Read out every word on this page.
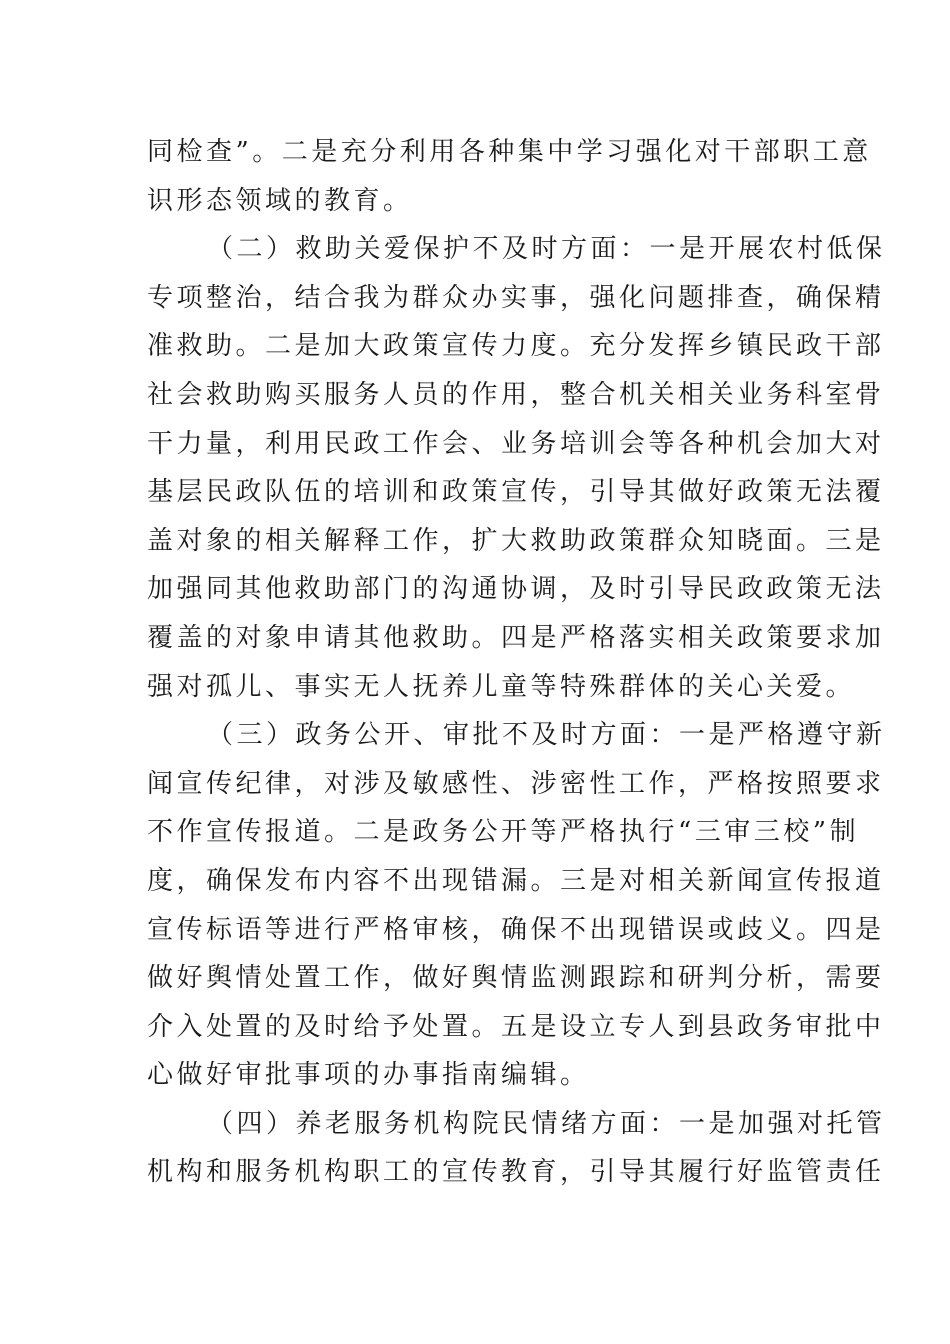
同检查”。二是充分利用各种集中学习强化对干部职工意
识形态领域的教育。
（二）救助关爱保护不及时方面：一是开展农村低保
专项整治，结合我为群众办实事，强化问题排查，确保精
准救助。二是加大政策宣传力度。充分发挥乡镇民政干部
社会救助购买服务人员的作用，整合机关相关业务科室骨
干力量，利用民政工作会、业务培训会等各种机会加大对
基层民政队伍的培训和政策宣传，引导其做好政策无法覆
盖对象的相关解释工作，扩大救助政策群众知晓面。三是
加强同其他救助部门的沟通协调，及时引导民政政策无法
覆盖的对象申请其他救助。四是严格落实相关政策要求加
强对孤儿、事实无人抚养儿童等特殊群体的关心关爱。
（三）政务公开、审批不及时方面：一是严格遵守新
闻宣传纪律，对涉及敏感性、涉密性工作，严格按照要求
不作宣传报道。二是政务公开等严格执行“三审三校”制
度，确保发布内容不出现错漏。三是对相关新闻宣传报道
宣传标语等进行严格审核，确保不出现错误或歧义。四是
做好舆情处置工作，做好舆情监测跟踪和研判分析，需要
介入处置的及时给予处置。五是设立专人到县政务审批中
心做好审批事项的办事指南编辑。
（四）养老服务机构院民情绪方面：一是加强对托管
机构和服务机构职工的宣传教育，引导其履行好监管责任
